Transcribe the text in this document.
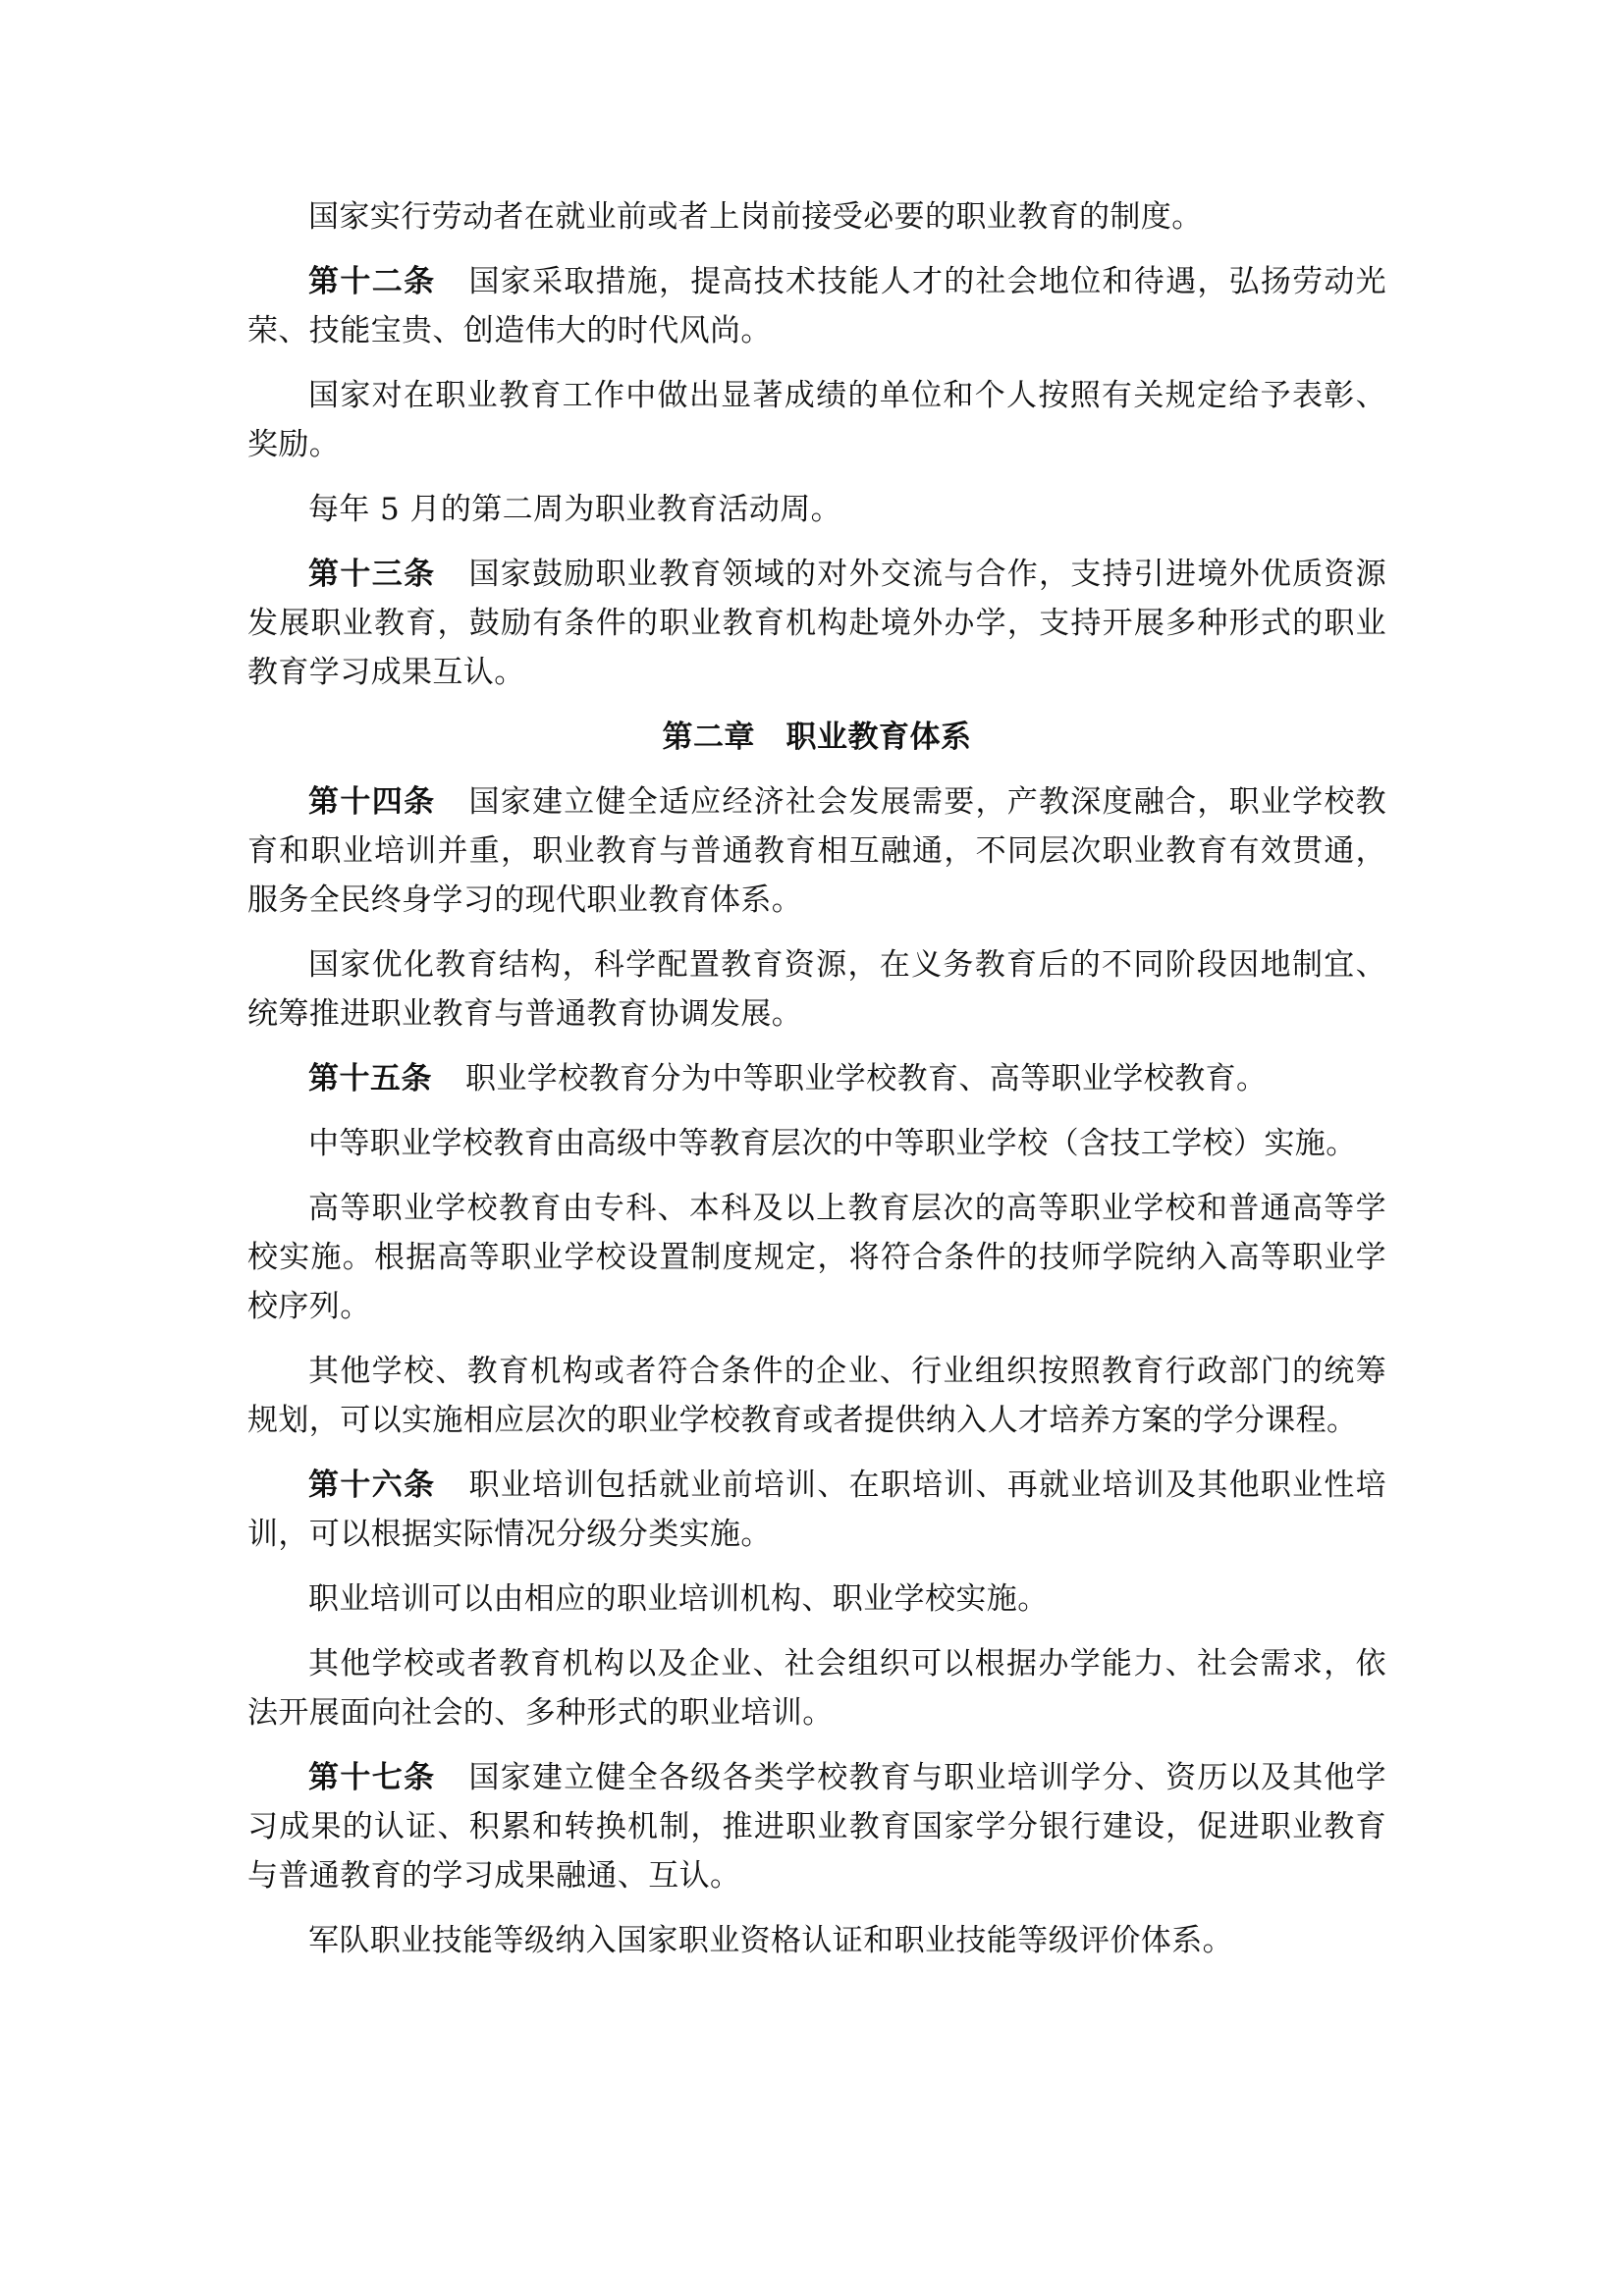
国家实行劳动者在就业前或者上岗前接受必要的职业教育的制度。

第十二条 国家采取措施，提高技术技能人才的社会地位和待遇，弘扬劳动光荣、技能宝贵、创造伟大的时代风尚。

国家对在职业教育工作中做出显著成绩的单位和个人按照有关规定给予表彰、奖励。

每年 5 月的第二周为职业教育活动周。

第十三条 国家鼓励职业教育领域的对外交流与合作，支持引进境外优质资源发展职业教育，鼓励有条件的职业教育机构赴境外办学，支持开展多种形式的职业教育学习成果互认。

第二章　职业教育体系

第十四条 国家建立健全适应经济社会发展需要，产教深度融合，职业学校教育和职业培训并重，职业教育与普通教育相互融通，不同层次职业教育有效贯通，服务全民终身学习的现代职业教育体系。

国家优化教育结构，科学配置教育资源，在义务教育后的不同阶段因地制宜、统筹推进职业教育与普通教育协调发展。

第十五条 职业学校教育分为中等职业学校教育、高等职业学校教育。

中等职业学校教育由高级中等教育层次的中等职业学校（含技工学校）实施。

高等职业学校教育由专科、本科及以上教育层次的高等职业学校和普通高等学校实施。根据高等职业学校设置制度规定，将符合条件的技师学院纳入高等职业学校序列。

其他学校、教育机构或者符合条件的企业、行业组织按照教育行政部门的统筹规划，可以实施相应层次的职业学校教育或者提供纳入人才培养方案的学分课程。

第十六条 职业培训包括就业前培训、在职培训、再就业培训及其他职业性培训，可以根据实际情况分级分类实施。

职业培训可以由相应的职业培训机构、职业学校实施。

其他学校或者教育机构以及企业、社会组织可以根据办学能力、社会需求，依法开展面向社会的、多种形式的职业培训。

第十七条 国家建立健全各级各类学校教育与职业培训学分、资历以及其他学习成果的认证、积累和转换机制，推进职业教育国家学分银行建设，促进职业教育与普通教育的学习成果融通、互认。

军队职业技能等级纳入国家职业资格认证和职业技能等级评价体系。
